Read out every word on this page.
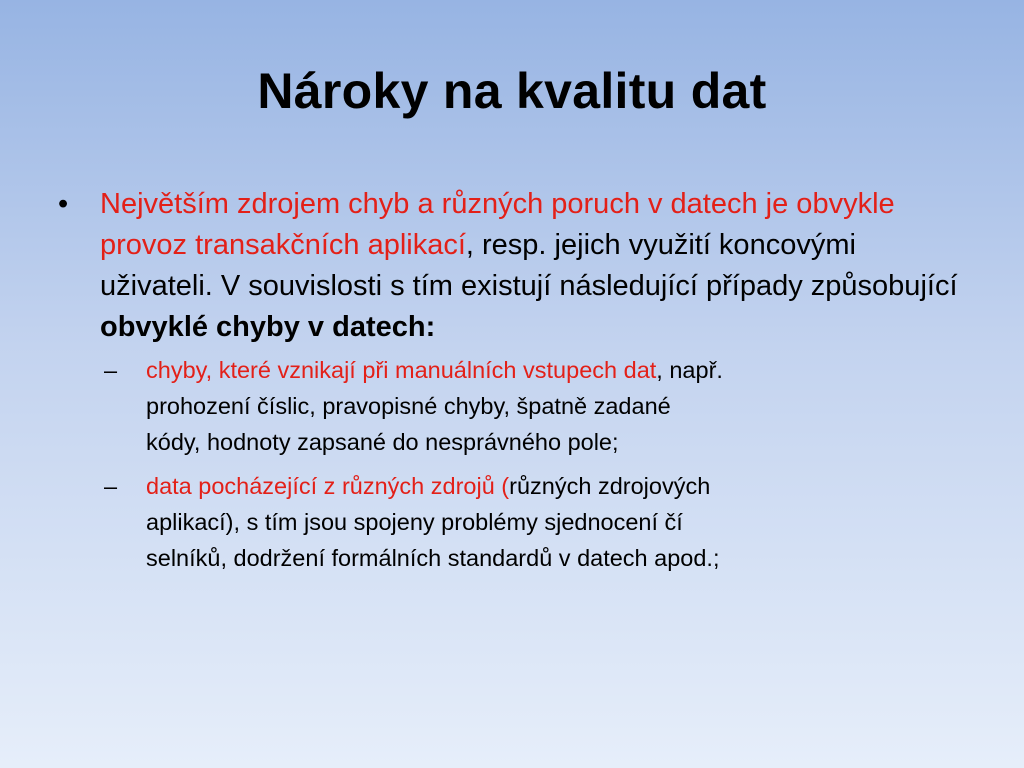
Nároky na kvalitu dat
• Největším zdrojem chyb a různých poruch v datech je obvykle provoz transakčních aplikací, resp. jejich využití koncovými uživateli. V souvislosti s tím existují následující případy způsobující obvyklé chyby v datech:
– chyby, které vznikají při manuálních vstupech dat, např.
prohození číslic, pravopisné chyby, špatně zadané
kódy, hodnoty zapsané do nesprávného pole;
– data pocházející z různých zdrojů (různých zdrojových
aplikací), s tím jsou spojeny problémy sjednocení čí
selníků, dodržení formálních standardů v datech apod.;
